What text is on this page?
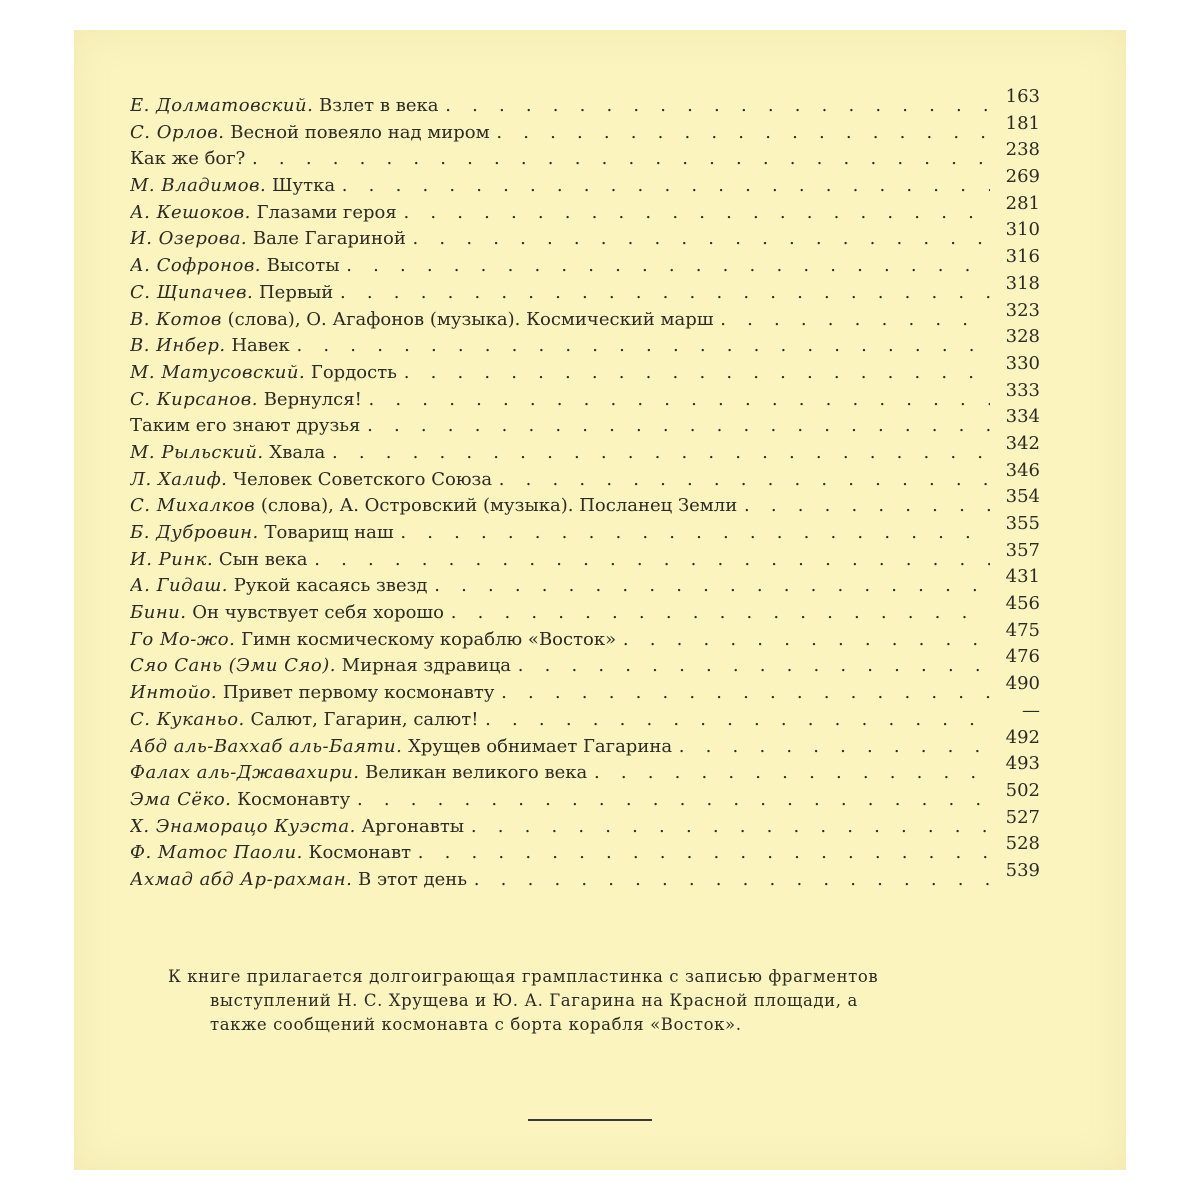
Е. Долматовский. Взлет в века . .	163
С. Орлов. Весной повеяло над миром . .	181
Как же бог? . .	238
М. Владимов. Шутка . .	269
А. Кешоков. Глазами героя . .	281
И. Озерова. Вале Гагариной . .	310
А. Софронов. Высоты . .	316
С. Щипачев. Первый . .	318
В. Котов (слова), О. Агафонов (музыка). Космический марш . .	323
В. Инбер. Навек . .	328
М. Матусовский. Гордость . .	330
С. Кирсанов. Вернулся! . .	333
Таким его знают друзья . .	334
М. Рыльский. Хвала . .	342
Л. Халиф. Человек Советского Союза . .	346
С. Михалков (слова), А. Островский (музыка). Посланец Земли . .	354
Б. Дубровин. Товарищ наш . .	355
И. Ринк. Сын века . .	357
А. Гидаш. Рукой касаясь звезд . .	431
Бини. Он чувствует себя хорошо . .	456
Го Мо-жо. Гимн космическому кораблю «Восток» . .	475
Сяо Сань (Эми Сяо). Мирная здравица . .	476
Интойо. Привет первому космонавту . .	490
С. Куканьо. Салют, Гагарин, салют! . .	—
Абд аль-Ваххаб аль-Баяти. Хрущев обнимает Гагарина . .	492
Фалах аль-Джавахири. Великан великого века . .	493
Эма Сёко. Космонавту . .	502
Х. Энаморацо Куэста. Аргонавты . .	527
Ф. Матос Паоли. Космонавт . .	528
Ахмад абд Ар-рахман. В этот день . .	539
К книге прилагается долгоиграющая грампластинка с записью фрагментов
выступлений Н. С. Хрущева и Ю. А. Гагарина на Красной площади, а
также сообщений космонавта с борта корабля «Восток».
